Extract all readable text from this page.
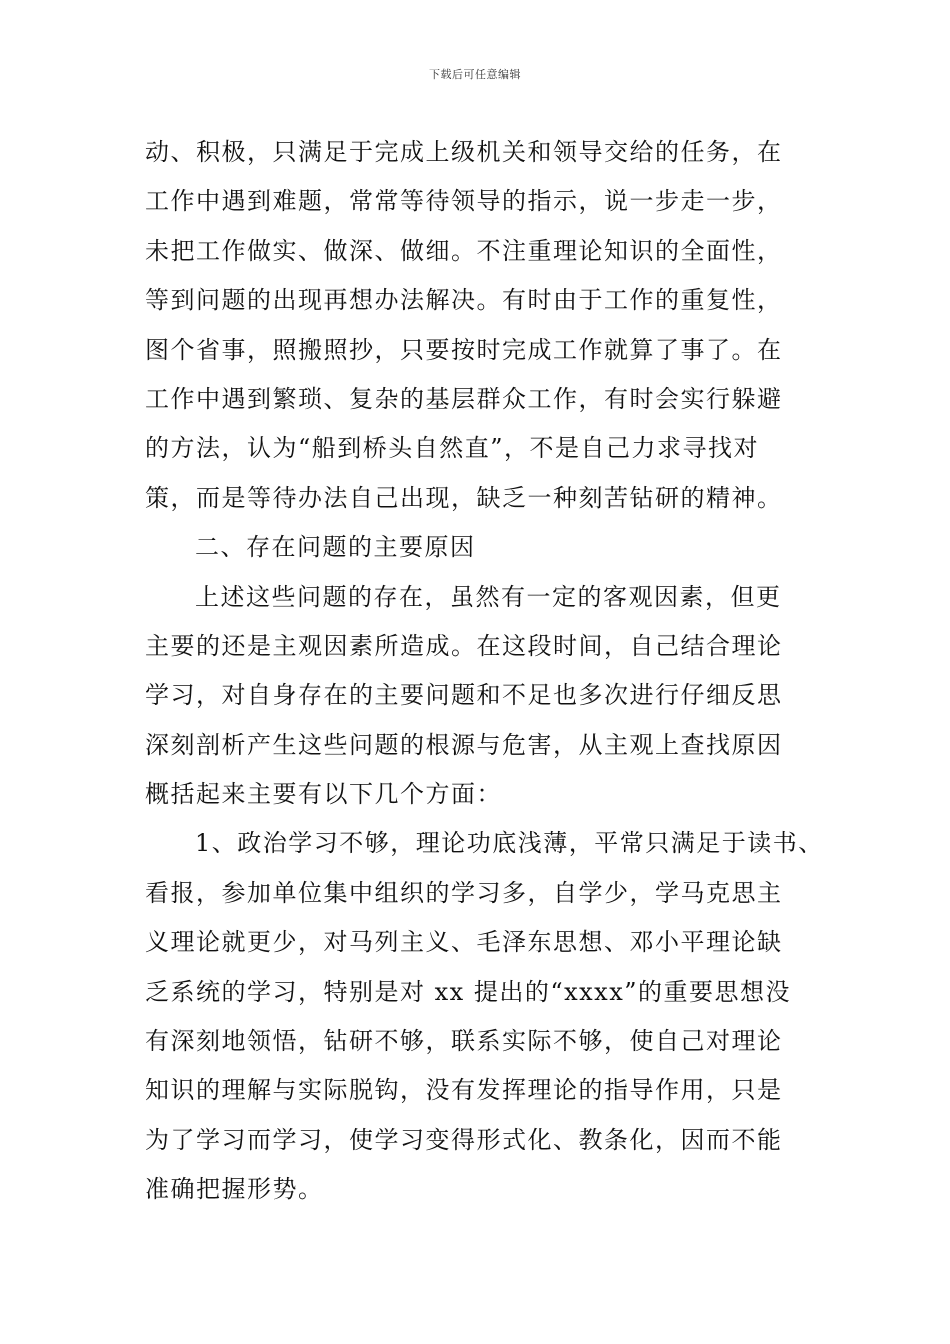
下载后可任意编辑
动、积极，只满足于完成上级机关和领导交给的任务，在
工作中遇到难题，常常等待领导的指示，说一步走一步，
未把工作做实、做深、做细。不注重理论知识的全面性，
等到问题的出现再想办法解决。有时由于工作的重复性，
图个省事，照搬照抄，只要按时完成工作就算了事了。在
工作中遇到繁琐、复杂的基层群众工作，有时会实行躲避
的方法，认为“船到桥头自然直”，不是自己力求寻找对
策，而是等待办法自己出现，缺乏一种刻苦钻研的精神。
二、存在问题的主要原因
上述这些问题的存在，虽然有一定的客观因素，但更
主要的还是主观因素所造成。在这段时间，自己结合理论
学习，对自身存在的主要问题和不足也多次进行仔细反思
深刻剖析产生这些问题的根源与危害，从主观上查找原因
概括起来主要有以下几个方面：
1、政治学习不够，理论功底浅薄，平常只满足于读书、
看报，参加单位集中组织的学习多，自学少，学马克思主
义理论就更少，对马列主义、毛泽东思想、邓小平理论缺
乏系统的学习，特别是对 xx 提出的“xxxx”的重要思想没
有深刻地领悟，钻研不够，联系实际不够，使自己对理论
知识的理解与实际脱钩，没有发挥理论的指导作用，只是
为了学习而学习，使学习变得形式化、教条化，因而不能
准确把握形势。
